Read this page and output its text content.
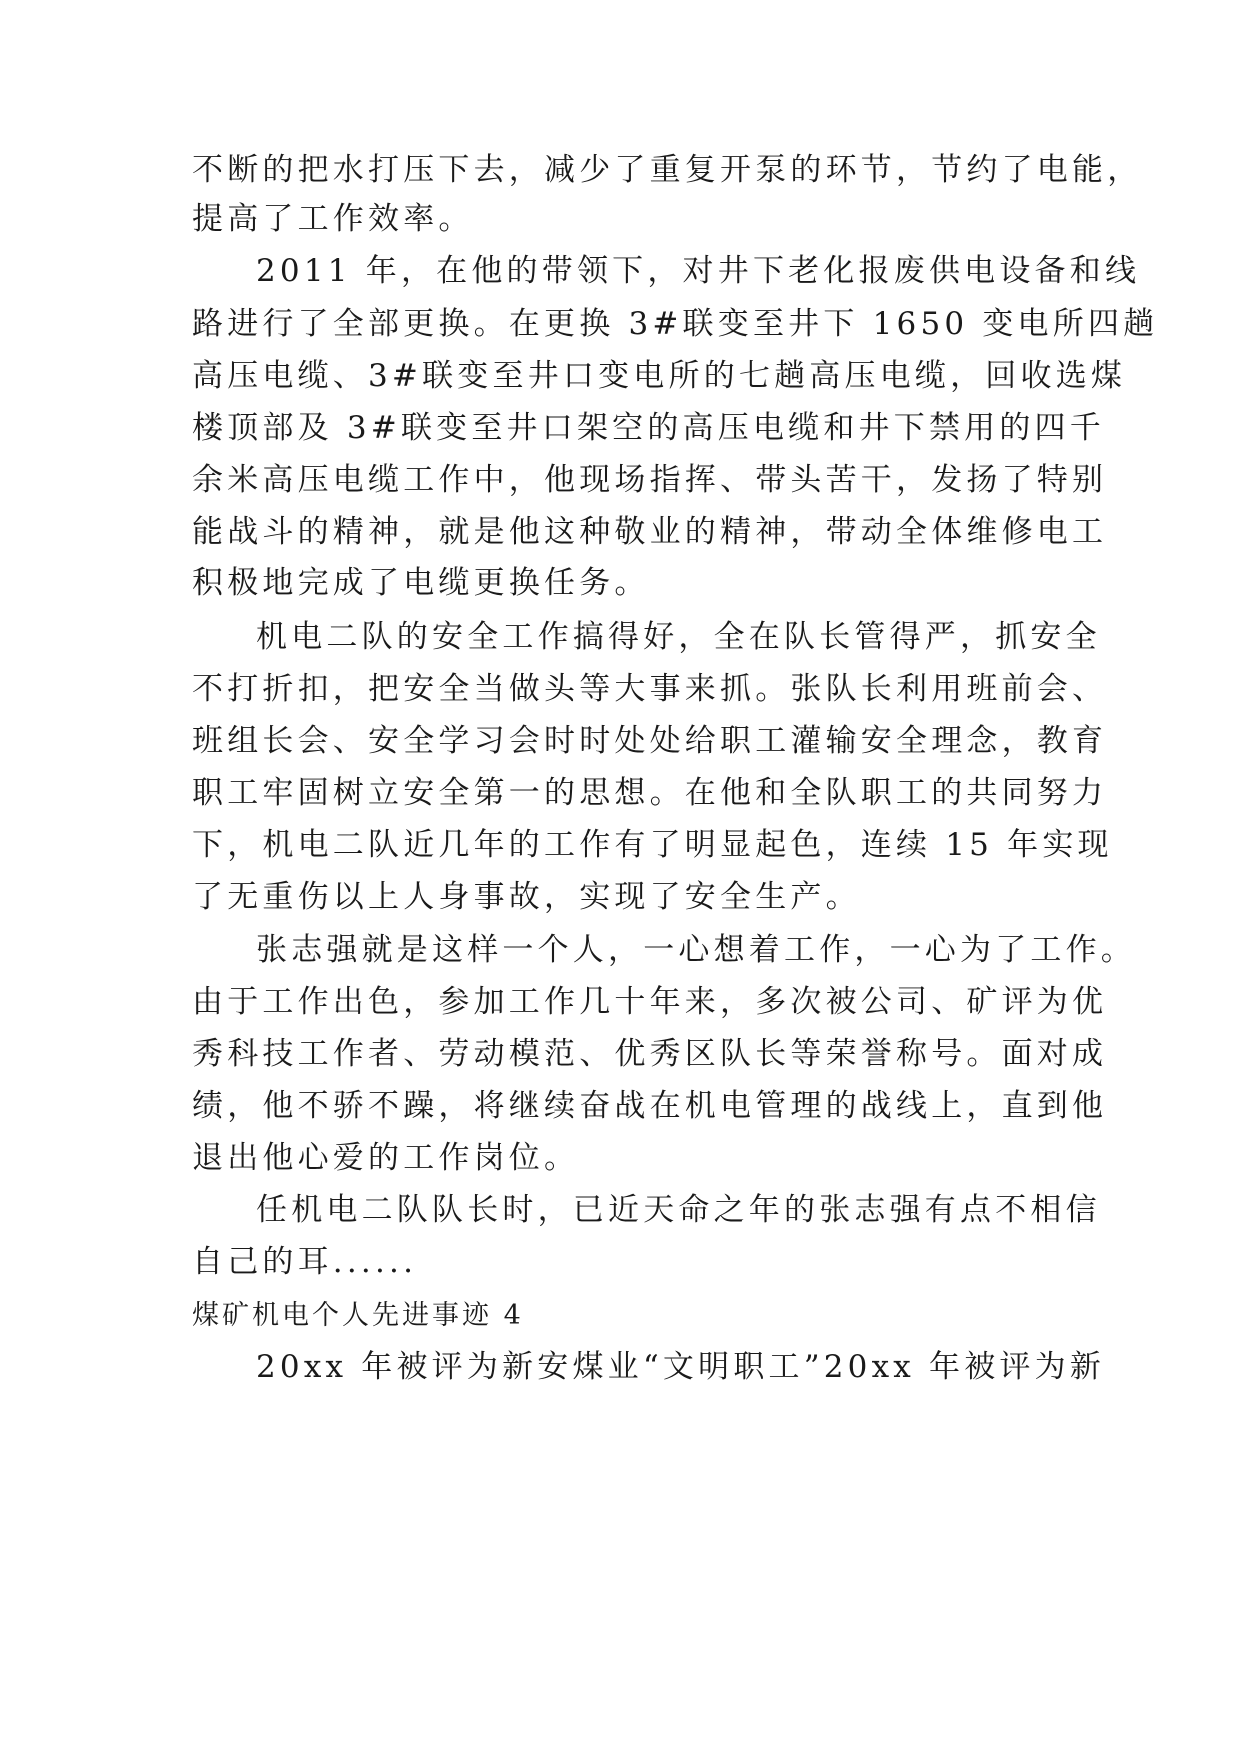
不断的把水打压下去，减少了重复开泵的环节，节约了电能，
提高了工作效率。
2011 年，在他的带领下，对井下老化报废供电设备和线
路进行了全部更换。在更换 3#联变至井下 1650 变电所四趟
高压电缆、3#联变至井口变电所的七趟高压电缆，回收选煤
楼顶部及 3#联变至井口架空的高压电缆和井下禁用的四千
余米高压电缆工作中，他现场指挥、带头苦干，发扬了特别
能战斗的精神，就是他这种敬业的精神，带动全体维修电工
积极地完成了电缆更换任务。
机电二队的安全工作搞得好，全在队长管得严，抓安全
不打折扣，把安全当做头等大事来抓。张队长利用班前会、
班组长会、安全学习会时时处处给职工灌输安全理念，教育
职工牢固树立安全第一的思想。在他和全队职工的共同努力
下，机电二队近几年的工作有了明显起色，连续 15 年实现
了无重伤以上人身事故，实现了安全生产。
张志强就是这样一个人，一心想着工作，一心为了工作。
由于工作出色，参加工作几十年来，多次被公司、矿评为优
秀科技工作者、劳动模范、优秀区队长等荣誉称号。面对成
绩，他不骄不躁，将继续奋战在机电管理的战线上，直到他
退出他心爱的工作岗位。
任机电二队队长时，已近天命之年的张志强有点不相信
自己的耳......
煤矿机电个人先进事迹 4
20xx 年被评为新安煤业“文明职工”20xx 年被评为新
